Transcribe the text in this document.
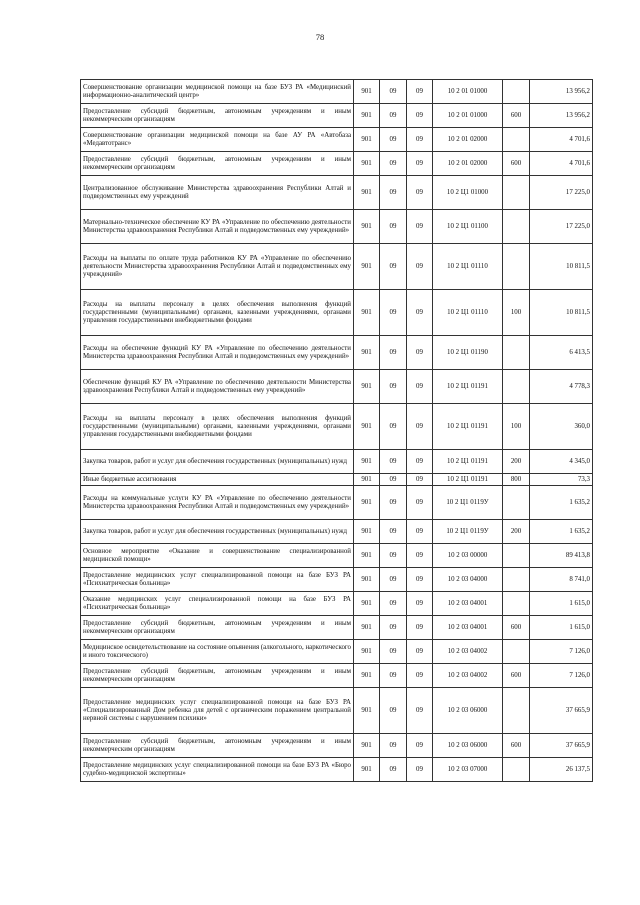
78
Совершенствование организации медицинской помощи на базе БУЗ РА «Медицинский информационно-аналитический центр»	901	09	09	10 2 01 01000		13 956,2
Предоставление субсидий бюджетным, автономным учреждениям и иным некоммерческим организациям	901	09	09	10 2 01 01000	600	13 956,2
Совершенствование организации медицинской помощи на базе АУ РА «Автобаза «Медавтотранс»	901	09	09	10 2 01 02000		4 701,6
Предоставление субсидий бюджетным, автономным учреждениям и иным некоммерческим организациям	901	09	09	10 2 01 02000	600	4 701,6
Централизованное обслуживание Министерства здравоохранения Республики Алтай и подведомственных ему учреждений	901	09	09	10 2 Ц1 01000		17 225,0
Материально-техническое обеспечение КУ РА «Управление по обеспечению деятельности Министерства здравоохранения Республики Алтай и подведомственных ему учреждений»	901	09	09	10 2 Ц1 01100		17 225,0
Расходы на выплаты по оплате труда работников КУ РА «Управление по обеспечению деятельности Министерства здравоохранения Республики Алтай и подведомственных ему учреждений»	901	09	09	10 2 Ц1 01110		10 811,5
Расходы на выплаты персоналу в целях обеспечения выполнения функций государственными (муниципальными) органами, казенными учреждениями, органами управления государственными внебюджетными фондами	901	09	09	10 2 Ц1 01110	100	10 811,5
Расходы на обеспечение функций КУ РА «Управление по обеспечению деятельности Министерства здравоохранения Республики Алтай и подведомственных ему учреждений»	901	09	09	10 2 Ц1 01190		6 413,5
Обеспечение функций КУ РА «Управление по обеспечению деятельности Министерства здравоохранения Республики Алтай и подведомственных ему учреждений»	901	09	09	10 2 Ц1 01191		4 778,3
Расходы на выплаты персоналу в целях обеспечения выполнения функций государственными (муниципальными) органами, казенными учреждениями, органами управления государственными внебюджетными фондами	901	09	09	10 2 Ц1 01191	100	360,0
Закупка товаров, работ и услуг для обеспечения государственных (муниципальных) нужд	901	09	09	10 2 Ц1 01191	200	4 345,0
Иные бюджетные ассигнования	901	09	09	10 2 Ц1 01191	800	73,3
Расходы на коммунальные услуги КУ РА «Управление по обеспечению деятельности Министерства здравоохранения Республики Алтай и подведомственных ему учреждений»	901	09	09	10 2 Ц1 0119У		1 635,2
Закупка товаров, работ и услуг для обеспечения государственных (муниципальных) нужд	901	09	09	10 2 Ц1 0119У	200	1 635,2
Основное мероприятие «Оказание и совершенствование специализированной медицинской помощи»	901	09	09	10 2 03 00000		89 413,8
Предоставление медицинских услуг специализированной помощи на базе БУЗ РА «Психиатрическая больница»	901	09	09	10 2 03 04000		8 741,0
Оказание медицинских услуг специализированной помощи на базе БУЗ РА «Психиатрическая больница»	901	09	09	10 2 03 04001		1 615,0
Предоставление субсидий бюджетным, автономным учреждениям и иным некоммерческим организациям	901	09	09	10 2 03 04001	600	1 615,0
Медицинское освидетельствование на состояние опьянения (алкогольного, наркотического и иного токсического)	901	09	09	10 2 03 04002		7 126,0
Предоставление субсидий бюджетным, автономным учреждениям и иным некоммерческим организациям	901	09	09	10 2 03 04002	600	7 126,0
Предоставление медицинских услуг специализированной помощи на базе БУЗ РА «Специализированный Дом ребенка для детей с органическим поражением центральной нервной системы с нарушением психики»	901	09	09	10 2 03 06000		37 665,9
Предоставление субсидий бюджетным, автономным учреждениям и иным некоммерческим организациям	901	09	09	10 2 03 06000	600	37 665,9
Предоставление медицинских услуг специализированной помощи на базе БУЗ РА «Бюро судебно-медицинской экспертизы»	901	09	09	10 2 03 07000		26 137,5
